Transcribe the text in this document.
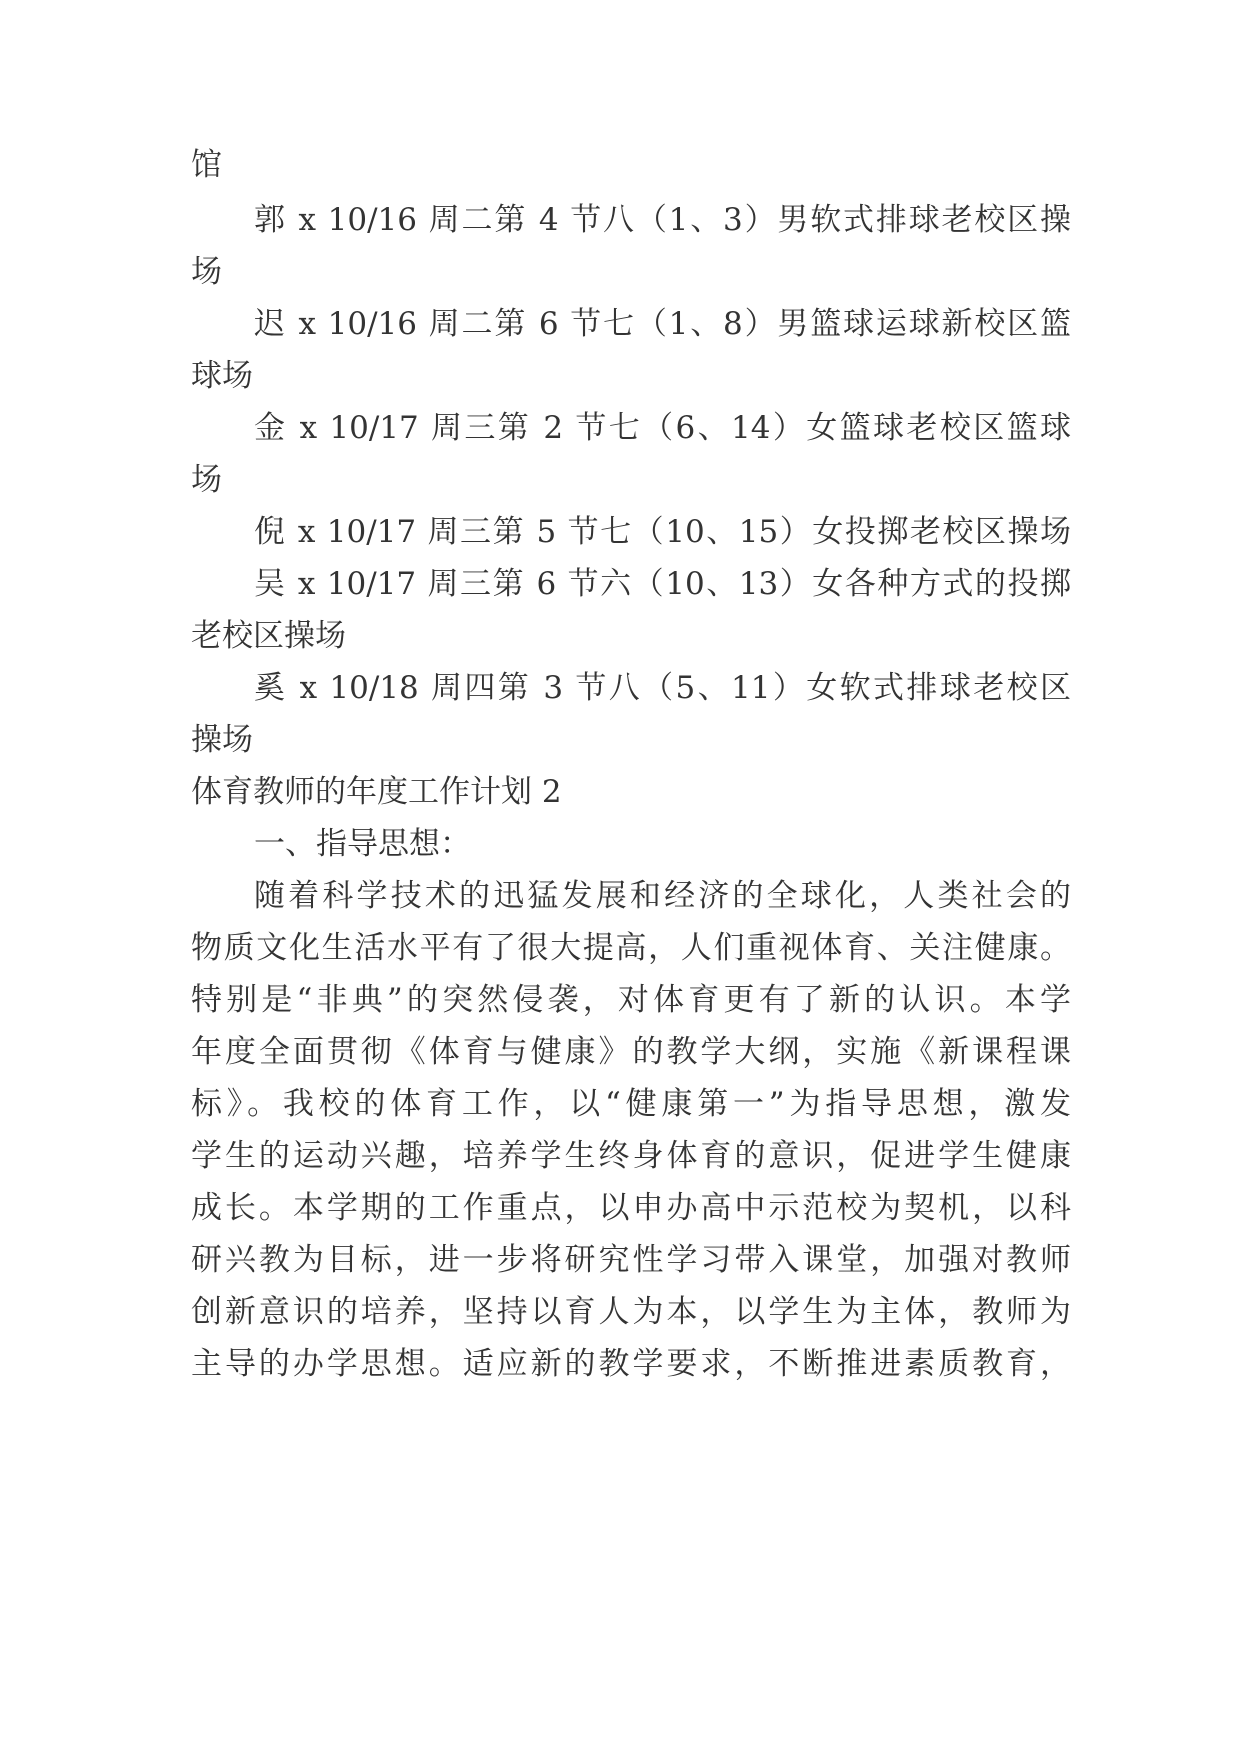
馆
郭 x 10/16 周二第 4 节八（1、3）男软式排球老校区操
场
迟 x 10/16 周二第 6 节七（1、8）男篮球运球新校区篮
球场
金 x 10/17 周三第 2 节七（6、14）女篮球老校区篮球
场
倪 x 10/17 周三第 5 节七（10、15）女投掷老校区操场
吴 x 10/17 周三第 6 节六（10、13）女各种方式的投掷
老校区操场
奚 x 10/18 周四第 3 节八（5、11）女软式排球老校区
操场
体育教师的年度工作计划 2
一、指导思想：
随着科学技术的迅猛发展和经济的全球化，人类社会的
物质文化生活水平有了很大提高，人们重视体育、关注健康。
特别是“非典”的突然侵袭，对体育更有了新的认识。本学
年度全面贯彻《体育与健康》的教学大纲，实施《新课程课
标》。我校的体育工作，以“健康第一”为指导思想，激发
学生的运动兴趣，培养学生终身体育的意识，促进学生健康
成长。本学期的工作重点，以申办高中示范校为契机，以科
研兴教为目标，进一步将研究性学习带入课堂，加强对教师
创新意识的培养，坚持以育人为本，以学生为主体，教师为
主导的办学思想。适应新的教学要求，不断推进素质教育，
